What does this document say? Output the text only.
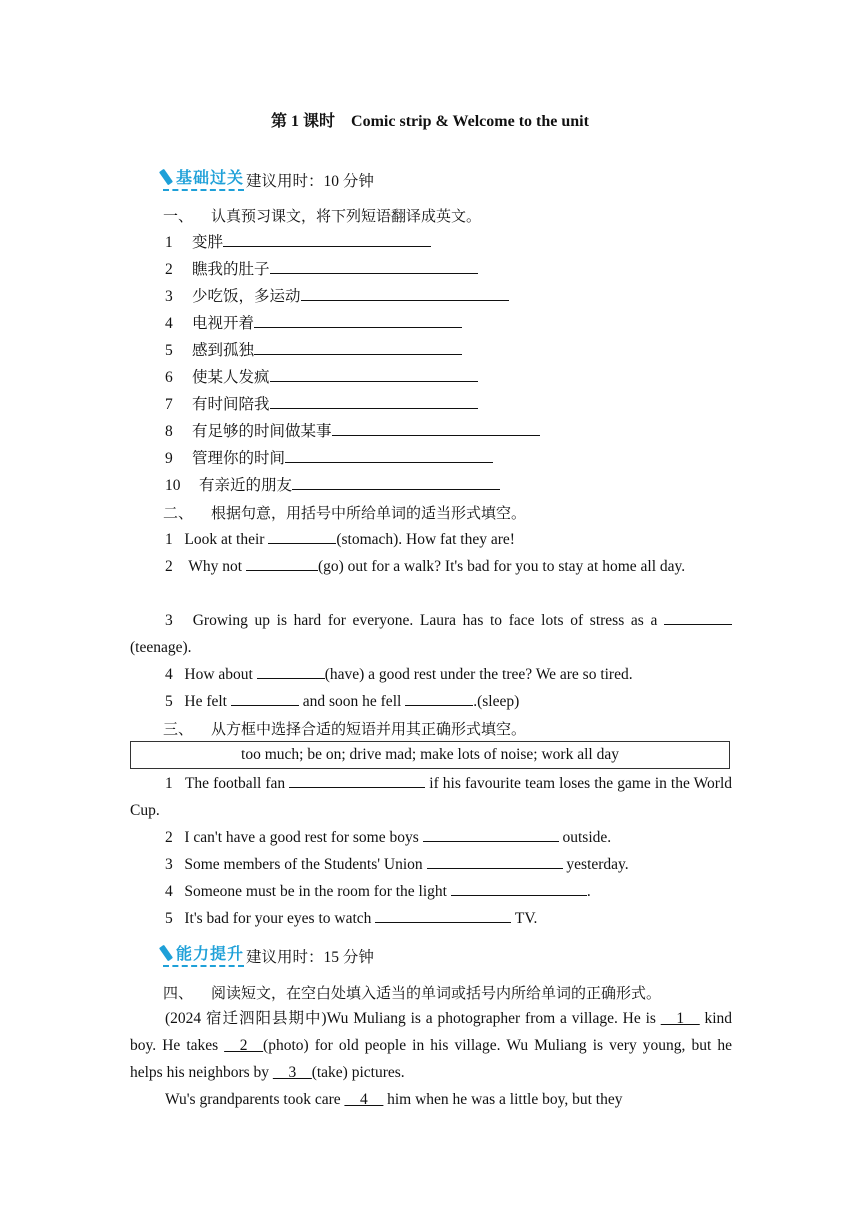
第 1 课时　Comic strip & Welcome to the unit
基础过关 建议用时：10 分钟
一、 认真预习课文，将下列短语翻译成英文。
1 变胖
2 瞧我的肚子
3 少吃饭，多运动
4 电视开着
5 感到孤独
6 使某人发疯
7 有时间陪我
8 有足够的时间做某事
9 管理你的时间
10 有亲近的朋友
二、 根据句意，用括号中所给单词的适当形式填空。
1 Look at their	(stomach). How fat they are!
2 Why not	(go) out for a walk? It's bad for you to stay at home all day.
3 Growing up is hard for everyone. Laura has to face lots of stress as a (teenage).
4 How about	(have) a good rest under the tree? We are so tired.
5 He felt	and soon he fell	.(sleep)
三、 从方框中选择合适的短语并用其正确形式填空。
too much; be on; drive mad; make lots of noise; work all day
1 The football fan	if his favourite team loses the game in the World Cup.
2 I can't have a good rest for some boys	outside.
3 Some members of the Students' Union	yesterday.
4 Someone must be in the room for the light	.
5 It's bad for your eyes to watch	TV.
能力提升 建议用时：15 分钟
四、 阅读短文，在空白处填入适当的单词或括号内所给单词的正确形式。
(2024 宿迁泗阳县期中)Wu Muliang is a photographer from a village. He is __1__ kind boy. He takes __2__(photo) for old people in his village. Wu Muliang is very young, but he helps his neighbors by __3__(take) pictures.
Wu's grandparents took care __4__ him when he was a little boy, but they
